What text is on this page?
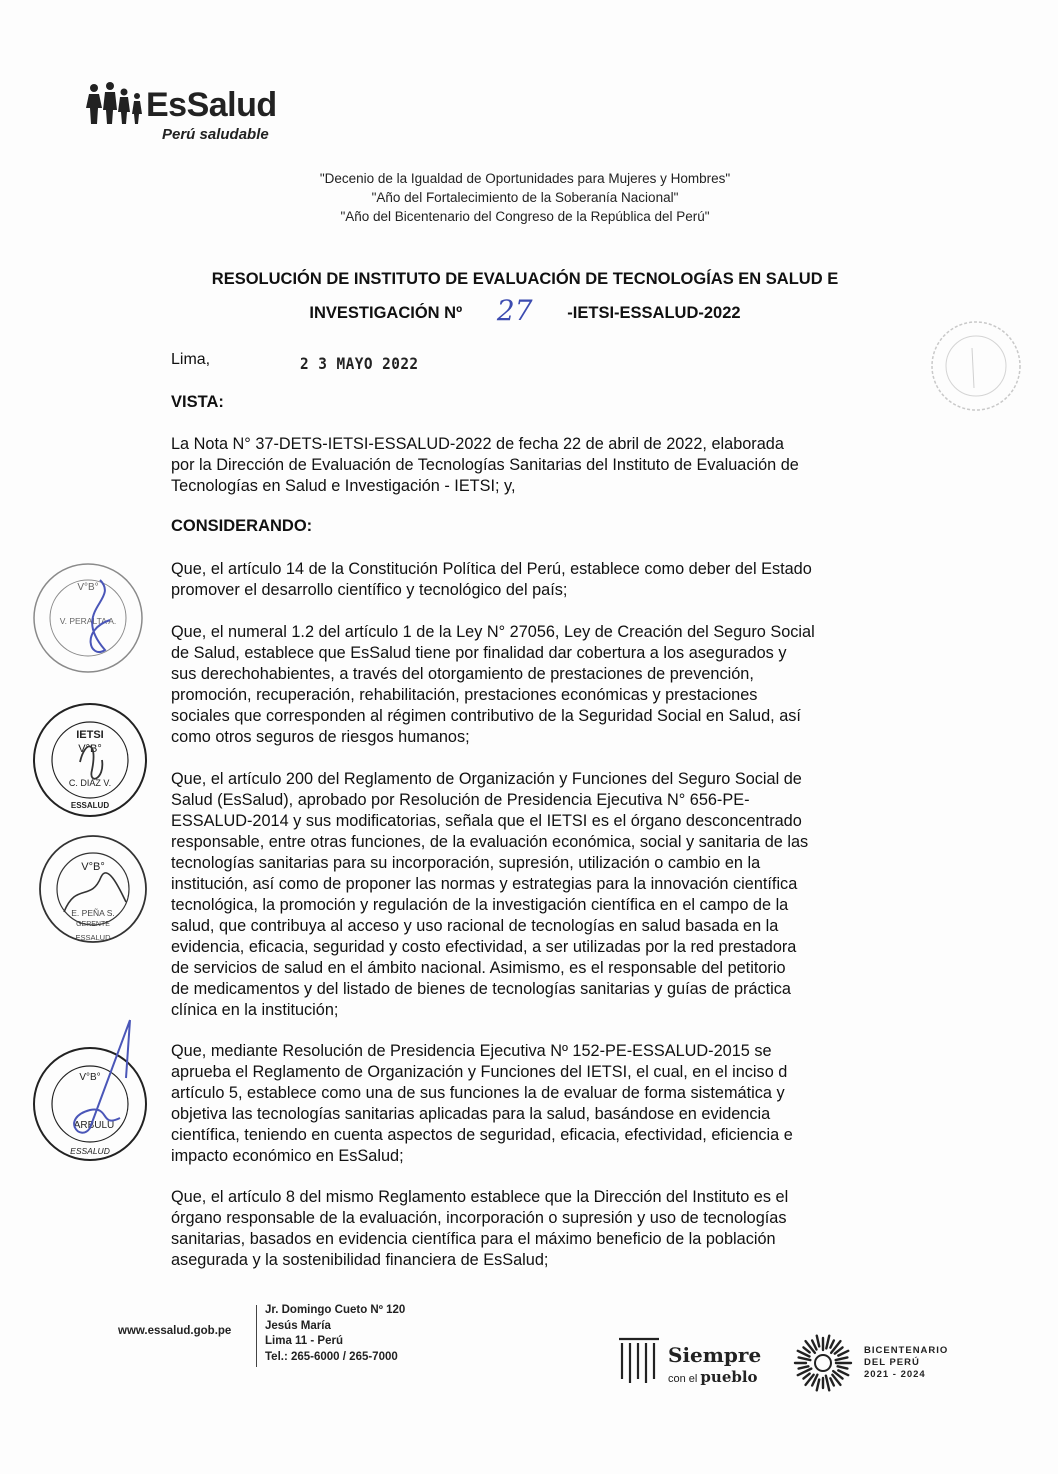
EsSalud
Perú saludable
"Decenio de la Igualdad de Oportunidades para Mujeres y Hombres"
"Año del Fortalecimiento de la Soberanía Nacional"
"Año del Bicentenario del Congreso de la República del Perú"
RESOLUCIÓN DE INSTITUTO DE EVALUACIÓN DE TECNOLOGÍAS EN SALUD E
INVESTIGACIÓN Nº 27 -IETSI-ESSALUD-2022
Lima,	2 3 MAYO 2022
VISTA:
La Nota N° 37-DETS-IETSI-ESSALUD-2022 de fecha 22 de abril de 2022, elaborada
por la Dirección de Evaluación de Tecnologías Sanitarias del Instituto de Evaluación de
Tecnologías en Salud e Investigación - IETSI; y,
CONSIDERANDO:
Que, el artículo 14 de la Constitución Política del Perú, establece como deber del Estado
promover el desarrollo científico y tecnológico del país;
Que, el numeral 1.2 del artículo 1 de la Ley N° 27056, Ley de Creación del Seguro Social
de Salud, establece que EsSalud tiene por finalidad dar cobertura a los asegurados y
sus derechohabientes, a través del otorgamiento de prestaciones de prevención,
promoción, recuperación, rehabilitación, prestaciones económicas y prestaciones
sociales que corresponden al régimen contributivo de la Seguridad Social en Salud, así
como otros seguros de riesgos humanos;
Que, el artículo 200 del Reglamento de Organización y Funciones del Seguro Social de
Salud (EsSalud), aprobado por Resolución de Presidencia Ejecutiva N° 656-PE-
ESSALUD-2014 y sus modificatorias, señala que el IETSI es el órgano desconcentrado
responsable, entre otras funciones, de la evaluación económica, social y sanitaria de las
tecnologías sanitarias para su incorporación, supresión, utilización o cambio en la
institución, así como de proponer las normas y estrategias para la innovación científica
tecnológica, la promoción y regulación de la investigación científica en el campo de la
salud, que contribuya al acceso y uso racional de tecnologías en salud basada en la
evidencia, eficacia, seguridad y costo efectividad, a ser utilizadas por la red prestadora
de servicios de salud en el ámbito nacional. Asimismo, es el responsable del petitorio
de medicamentos y del listado de bienes de tecnologías sanitarias y guías de práctica
clínica en la institución;
Que, mediante Resolución de Presidencia Ejecutiva Nº 152-PE-ESSALUD-2015 se
aprueba el Reglamento de Organización y Funciones del IETSI, el cual, en el inciso d
artículo 5, establece como una de sus funciones la de evaluar de forma sistemática y
objetiva las tecnologías sanitarias aplicadas para la salud, basándose en evidencia
científica, teniendo en cuenta aspectos de seguridad, eficacia, efectividad, eficiencia e
impacto económico en EsSalud;
Que, el artículo 8 del mismo Reglamento establece que la Dirección del Instituto es el
órgano responsable de la evaluación, incorporación o supresión y uso de tecnologías
sanitarias, basados en evidencia científica para el máximo beneficio de la población
asegurada y la sostenibilidad financiera de EsSalud;
V°B°
V. PERALTA A.
IETSI
V°B°
C. DIAZ V.
ESSALUD
V°B°
E. PEÑA S.
GERENTE
ESSALUD
V°B°
ARBULU
ESSALUD
www.essalud.gob.pe
Jr. Domingo Cueto Nº 120
Jesús María
Lima 11 - Perú
Tel.: 265-6000 / 265-7000	Siempre
con el pueblo
BICENTENARIO
DEL PERÚ
2021 - 2024
